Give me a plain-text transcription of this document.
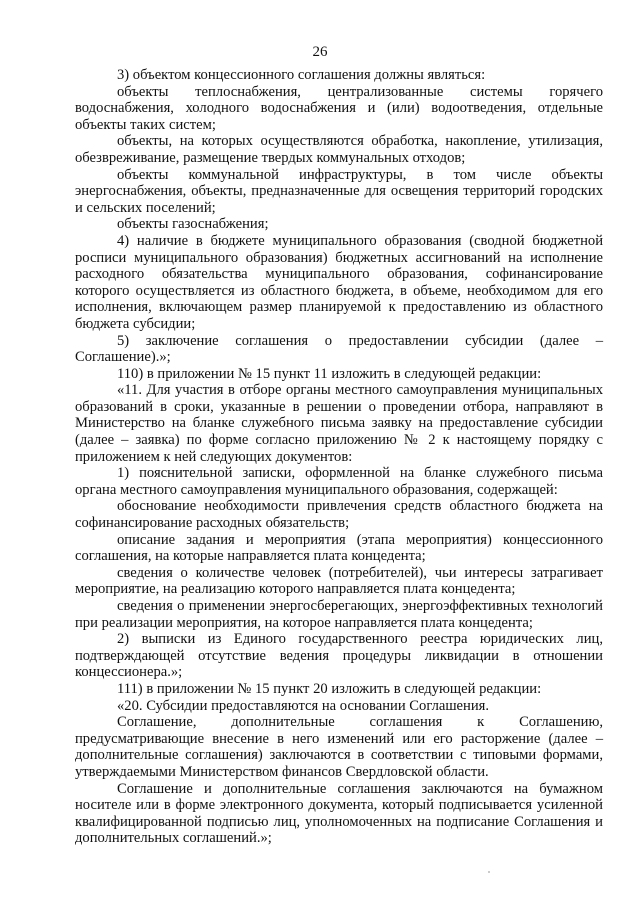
26

3) объектом концессионного соглашения должны являться:

объекты теплоснабжения, централизованные системы горячего водоснабжения, холодного водоснабжения и (или) водоотведения, отдельные объекты таких систем;

объекты, на которых осуществляются обработка, накопление, утилизация, обезвреживание, размещение твердых коммунальных отходов;

объекты коммунальной инфраструктуры, в том числе объекты энергоснабжения, объекты, предназначенные для освещения территорий городских и сельских поселений;

объекты газоснабжения;

4) наличие в бюджете муниципального образования (сводной бюджетной росписи муниципального образования) бюджетных ассигнований на исполнение расходного обязательства муниципального образования, софинансирование которого осуществляется из областного бюджета, в объеме, необходимом для его исполнения, включающем размер планируемой к предоставлению из областного бюджета субсидии;

5) заключение соглашения о предоставлении субсидии (далее – Соглашение).»;

110) в приложении № 15 пункт 11 изложить в следующей редакции:

«11. Для участия в отборе органы местного самоуправления муниципальных образований в сроки, указанные в решении о проведении отбора, направляют в Министерство на бланке служебного письма заявку на предоставление субсидии (далее – заявка) по форме согласно приложению № 2 к настоящему порядку с приложением к ней следующих документов:

1) пояснительной записки, оформленной на бланке служебного письма органа местного самоуправления муниципального образования, содержащей:

обоснование необходимости привлечения средств областного бюджета на софинансирование расходных обязательств;

описание задания и мероприятия (этапа мероприятия) концессионного соглашения, на которые направляется плата концедента;

сведения о количестве человек (потребителей), чьи интересы затрагивает мероприятие, на реализацию которого направляется плата концедента;

сведения о применении энергосберегающих, энергоэффективных технологий при реализации мероприятия, на которое направляется плата концедента;

2) выписки из Единого государственного реестра юридических лиц, подтверждающей отсутствие ведения процедуры ликвидации в отношении концессионера.»;

111) в приложении № 15 пункт 20 изложить в следующей редакции:

«20. Субсидии предоставляются на основании Соглашения.

Соглашение, дополнительные соглашения к Соглашению, предусматривающие внесение в него изменений или его расторжение (далее – дополнительные соглашения) заключаются в соответствии с типовыми формами, утверждаемыми Министерством финансов Свердловской области.

Соглашение и дополнительные соглашения заключаются на бумажном носителе или в форме электронного документа, который подписывается усиленной квалифицированной подписью лиц, уполномоченных на подписание Соглашения и дополнительных соглашений.»;
